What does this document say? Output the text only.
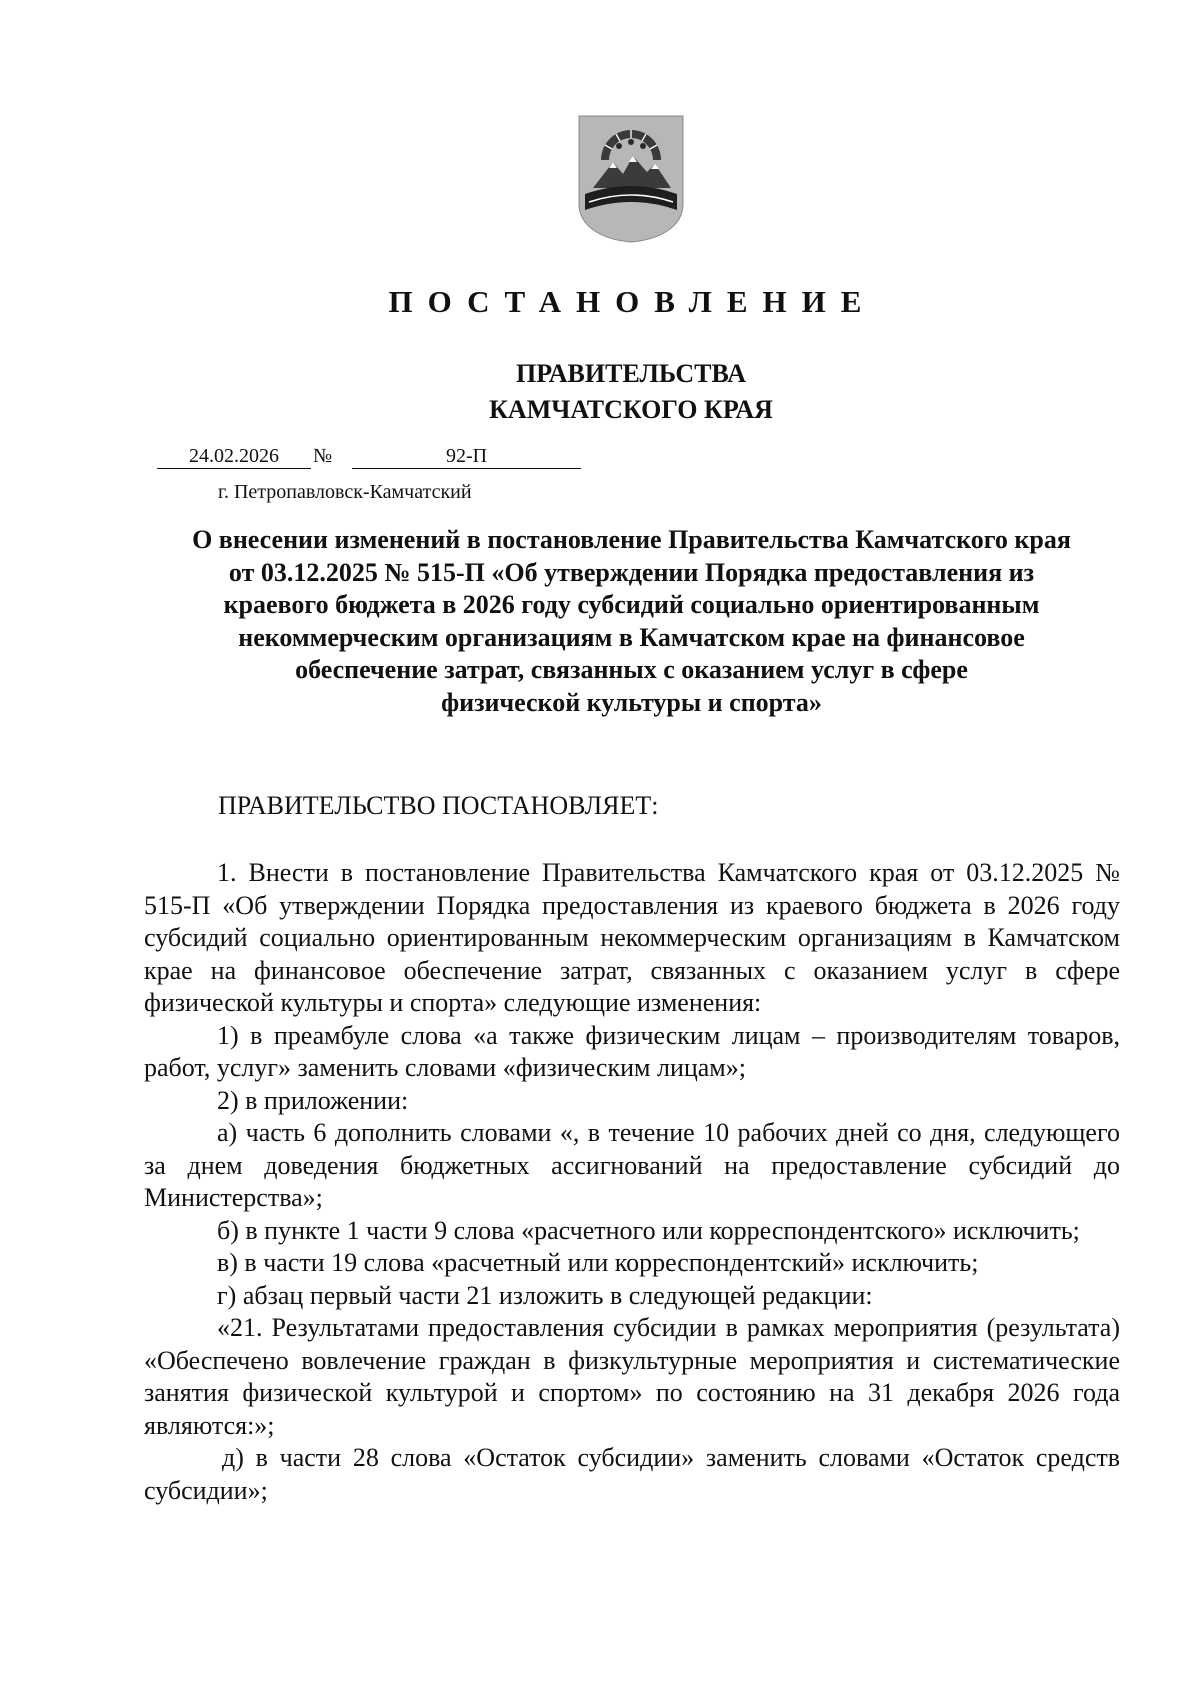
ПОСТАНОВЛЕНИЕ
ПРАВИТЕЛЬСТВА
КАМЧАТСКОГО КРАЯ
24.02.2026	№	92-П
г. Петропавловск-Камчатский
О внесении изменений в постановление Правительства Камчатского края
от 03.12.2025 № 515-П «Об утверждении Порядка предоставления из
краевого бюджета в 2026 году субсидий социально ориентированным
некоммерческим организациям в Камчатском крае на финансовое
обеспечение затрат, связанных с оказанием услуг в сфере
физической культуры и спорта»
ПРАВИТЕЛЬСТВО ПОСТАНОВЛЯЕТ:

1. Внести в постановление Правительства Камчатского края от 03.12.2025 № 515-П «Об утверждении Порядка предоставления из краевого бюджета в 2026 году субсидий социально ориентированным некоммерческим организациям в Камчатском крае на финансовое обеспечение затрат, связанных с оказанием услуг в сфере физической культуры и спорта» следующие изменения:

1) в преамбуле слова «а также физическим лицам – производителям товаров, работ, услуг» заменить словами «физическим лицам»;

2) в приложении:

а) часть 6 дополнить словами «, в течение 10 рабочих дней со дня, следующего за днем доведения бюджетных ассигнований на предоставление субсидий до Министерства»;

б) в пункте 1 части 9 слова «расчетного или корреспондентского» исключить;

в) в части 19 слова «расчетный или корреспондентский» исключить;

г) абзац первый части 21 изложить в следующей редакции:

«21. Результатами предоставления субсидии в рамках мероприятия (результата) «Обеспечено вовлечение граждан в физкультурные мероприятия и систематические занятия физической культурой и спортом» по состоянию на 31 декабря 2026 года являются:»;

д) в части 28 слова «Остаток субсидии» заменить словами «Остаток средств субсидии»;
